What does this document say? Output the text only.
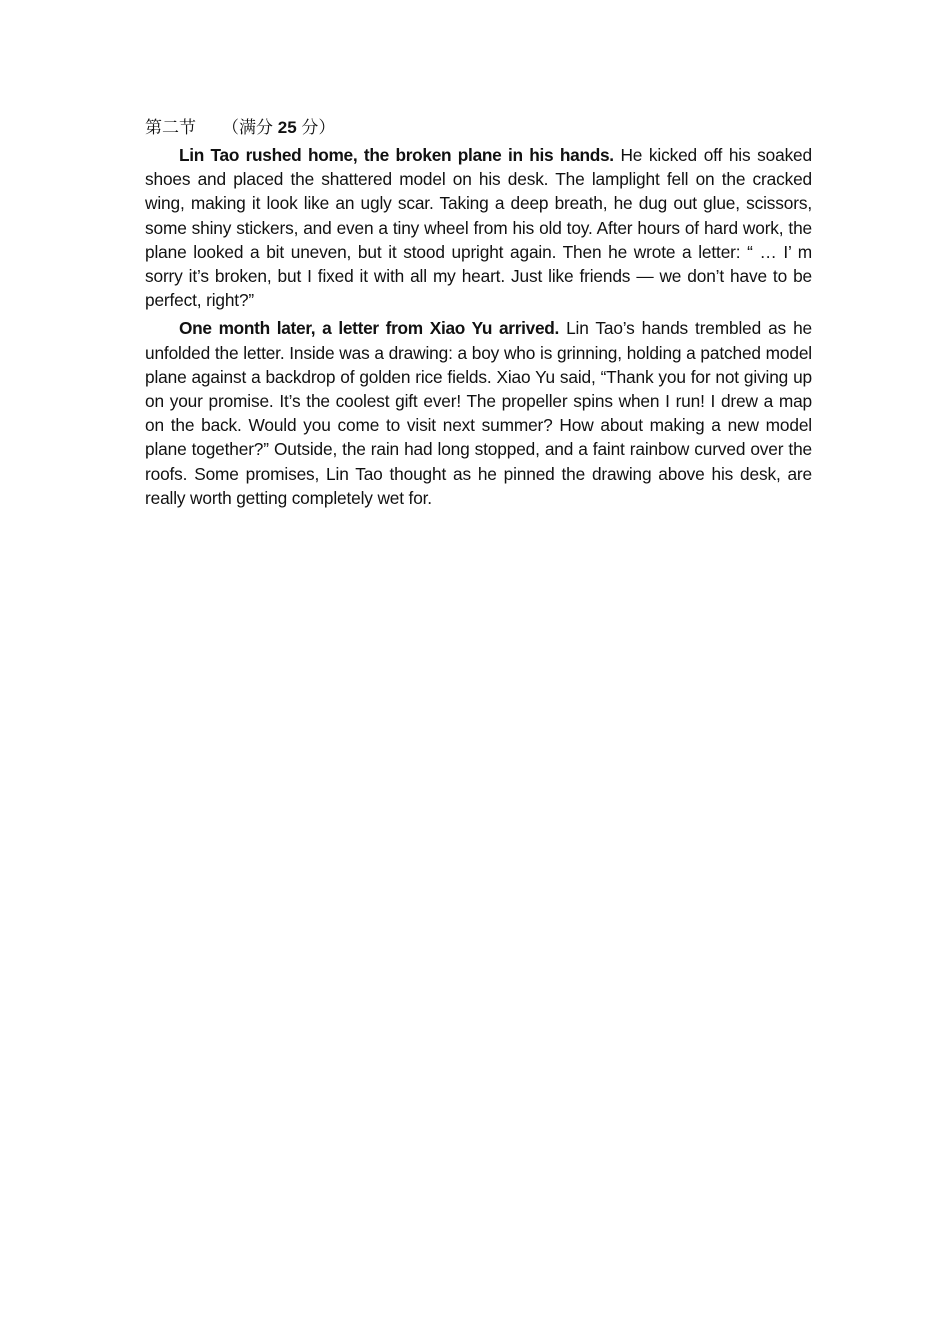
第二节 （满分 25 分）

Lin Tao rushed home, the broken plane in his hands. He kicked off his soaked shoes and placed the shattered model on his desk. The lamplight fell on the cracked wing, making it look like an ugly scar. Taking a deep breath, he dug out glue, scissors, some shiny stickers, and even a tiny wheel from his old toy. After hours of hard work, the plane looked a bit uneven, but it stood upright again. Then he wrote a letter: “ … I’ m sorry it’s broken, but I fixed it with all my heart. Just like friends — we don’t have to be perfect, right?”

One month later, a letter from Xiao Yu arrived. Lin Tao’s hands trembled as he unfolded the letter. Inside was a drawing: a boy who is grinning, holding a patched model plane against a backdrop of golden rice fields. Xiao Yu said, “Thank you for not giving up on your promise. It’s the coolest gift ever! The propeller spins when I run! I drew a map on the back. Would you come to visit next summer? How about making a new model plane together?” Outside, the rain had long stopped, and a faint rainbow curved over the roofs. Some promises, Lin Tao thought as he pinned the drawing above his desk, are really worth getting completely wet for.
